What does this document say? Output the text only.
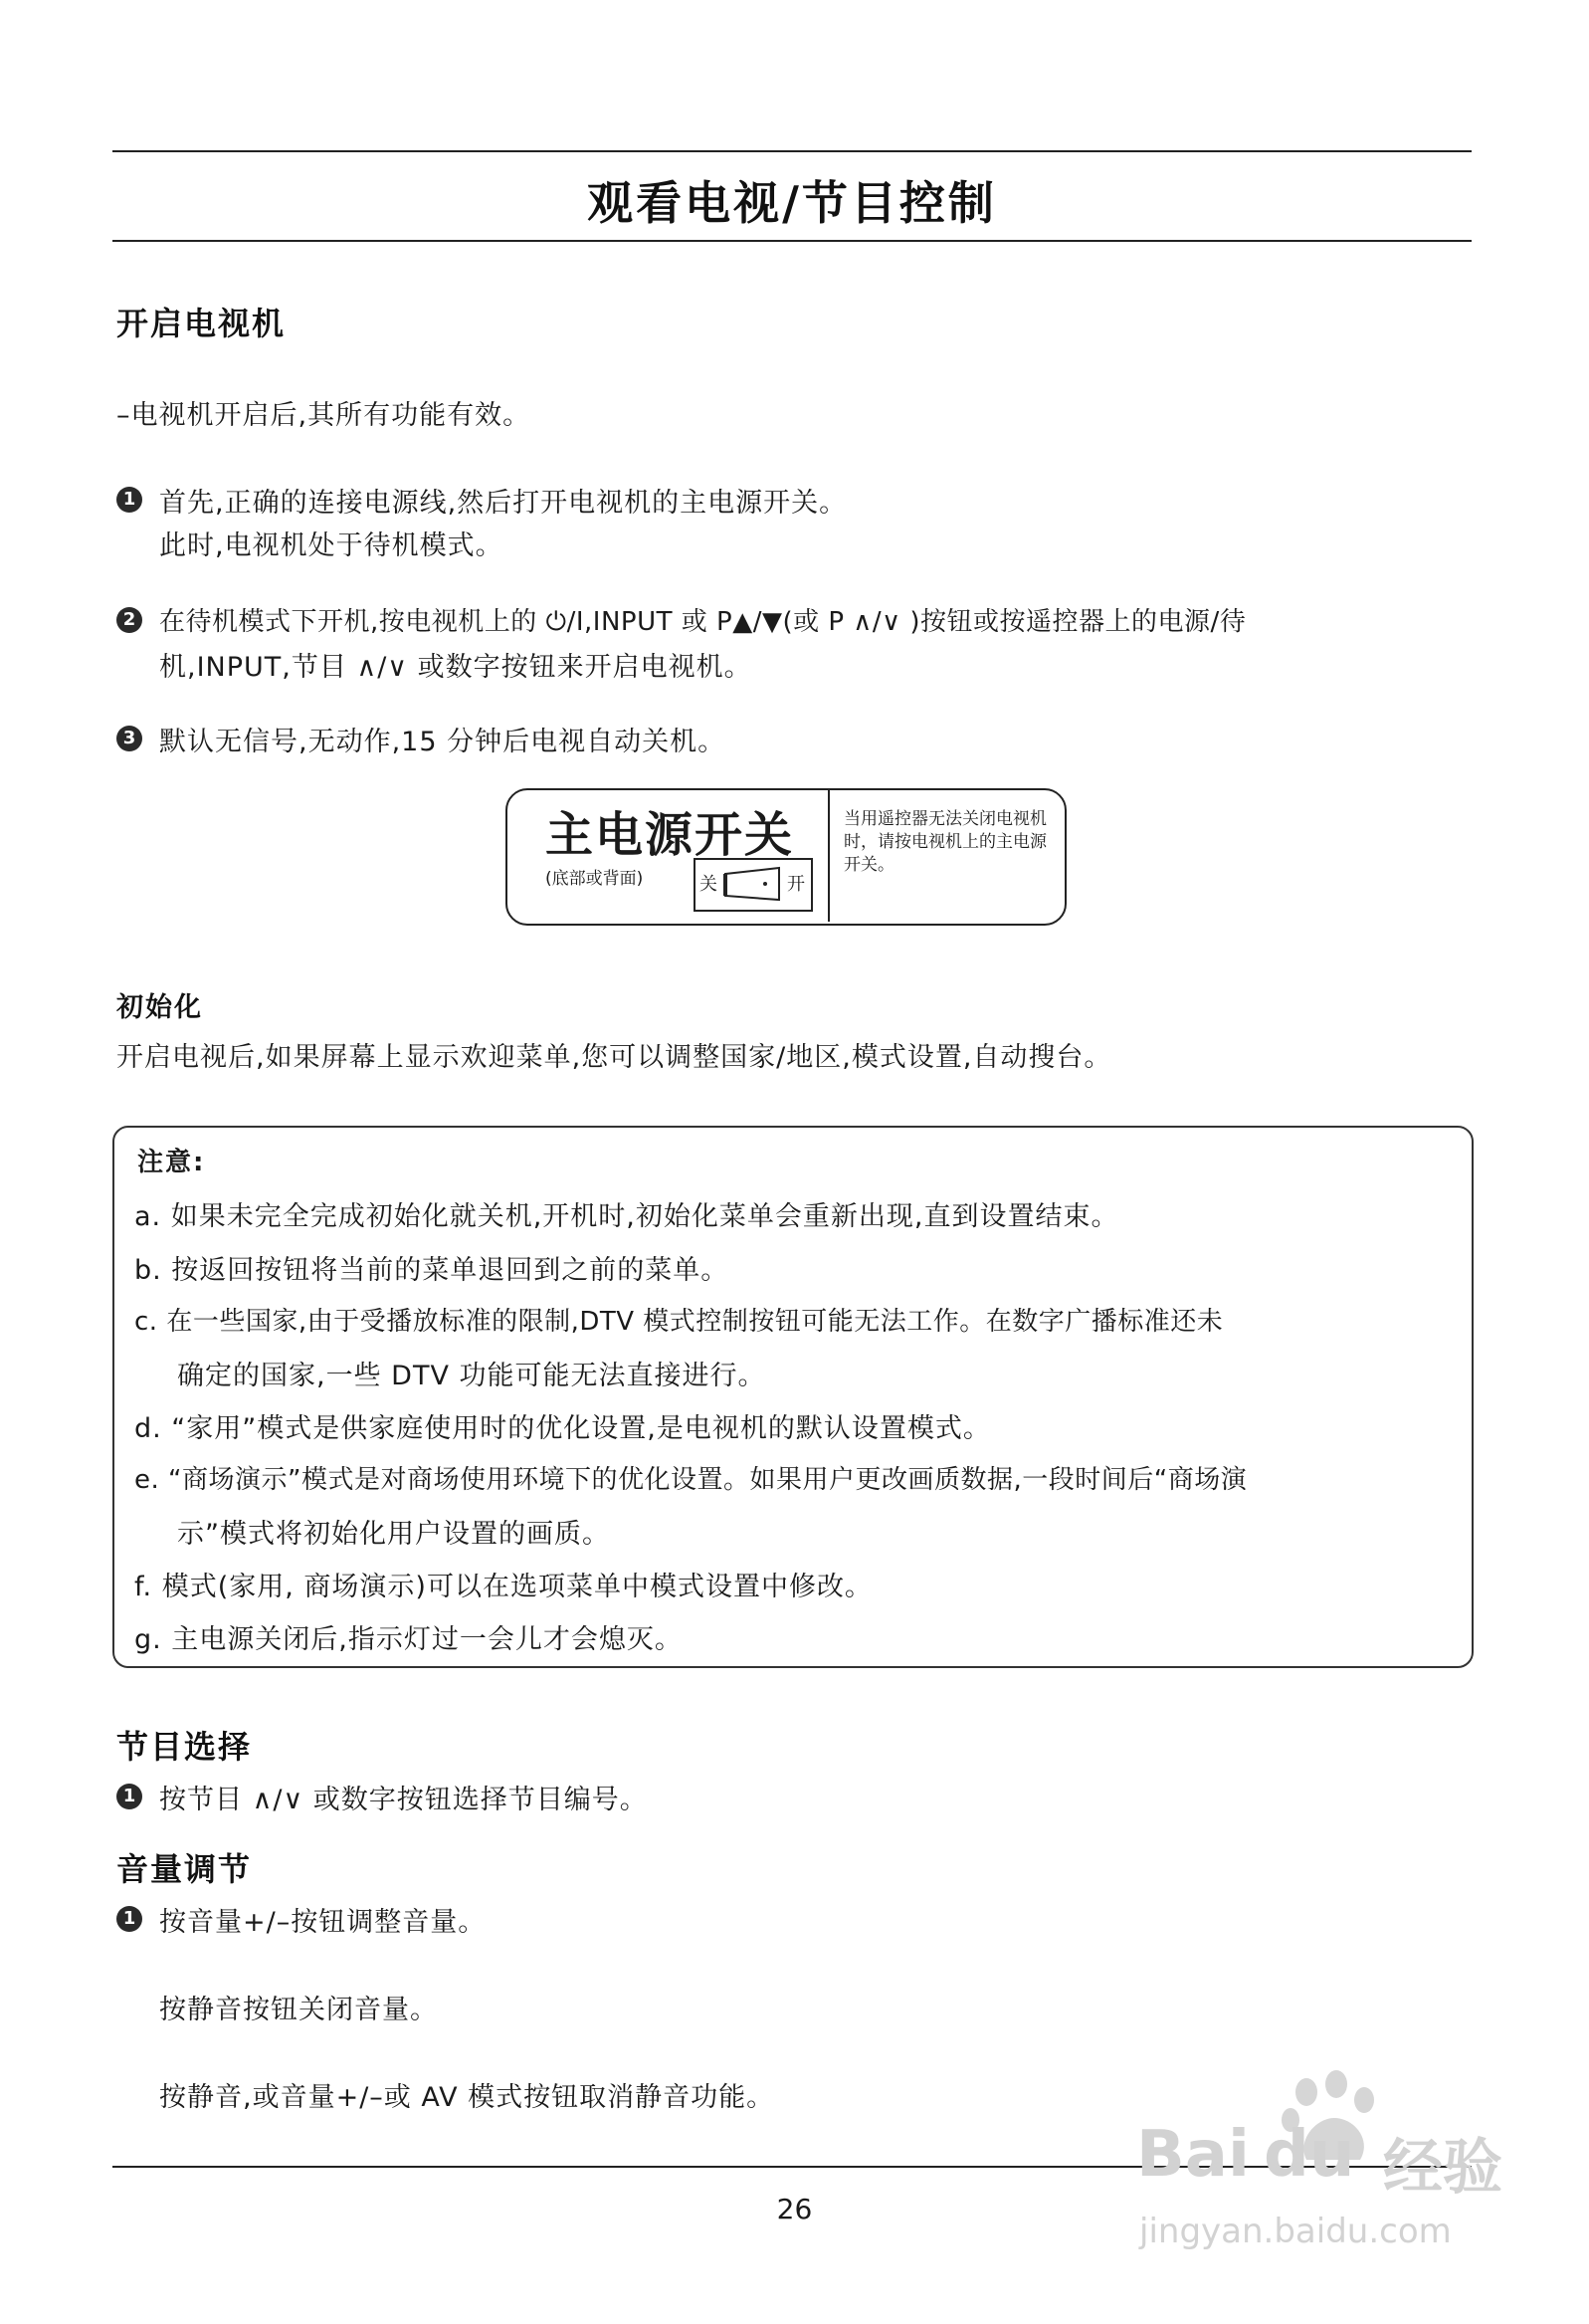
观看电视/节目控制
开启电视机
–电视机开启后,其所有功能有效。
1 首先,正确的连接电源线,然后打开电视机的主电源开关。
此时,电视机处于待机模式。
2 在待机模式下开机,按电视机上的 ⏻/I,INPUT 或 P▲/▼(或 P ∧/∨ )按钮或按遥控器上的电源/待
机,INPUT,节目 ∧/∨ 或数字按钮来开启电视机。
3 默认无信号,无动作,15 分钟后电视自动关机。
主电源开关
(底部或背面)	关	开
当用遥控器无法关闭电视机时，请按电视机上的主电源开关。
初始化
开启电视后,如果屏幕上显示欢迎菜单,您可以调整国家/地区,模式设置,自动搜台。
注意:
a. 如果未完全完成初始化就关机,开机时,初始化菜单会重新出现,直到设置结束。
b. 按返回按钮将当前的菜单退回到之前的菜单。
c. 在一些国家,由于受播放标准的限制,DTV 模式控制按钮可能无法工作。在数字广播标准还未
确定的国家,一些 DTV 功能可能无法直接进行。
d. “家用”模式是供家庭使用时的优化设置,是电视机的默认设置模式。
e. “商场演示”模式是对商场使用环境下的优化设置。如果用户更改画质数据,一段时间后“商场演
示”模式将初始化用户设置的画质。
f. 模式(家用, 商场演示)可以在选项菜单中模式设置中修改。
g. 主电源关闭后,指示灯过一会儿才会熄灭。
节目选择
1 按节目 ∧/∨ 或数字按钮选择节目编号。
音量调节
1 按音量+/–按钮调整音量。
按静音按钮关闭音量。
按静音,或音量+/–或 AV 模式按钮取消静音功能。
26
Bai du 经验
jingyan.baidu.com
